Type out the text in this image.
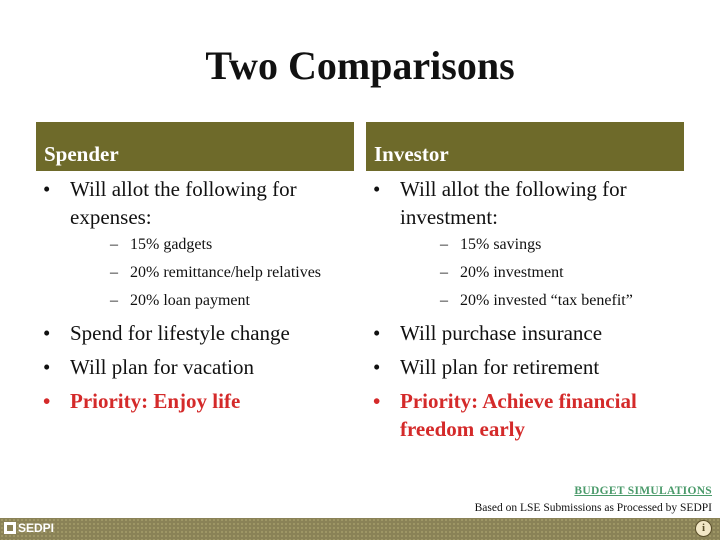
Two Comparisons
Spender
• Will allot the following for expenses:
– 15% gadgets
– 20% remittance/help relatives
– 20% loan payment
• Spend for lifestyle change
• Will plan for vacation
• Priority: Enjoy life
Investor
• Will allot the following for investment:
– 15% savings
– 20% investment
– 20% invested “tax benefit”
• Will purchase insurance
• Will plan for retirement
• Priority: Achieve financial freedom early
BUDGET SIMULATIONS
Based on LSE Submissions as Processed by SEDPI
SEDPI	i
